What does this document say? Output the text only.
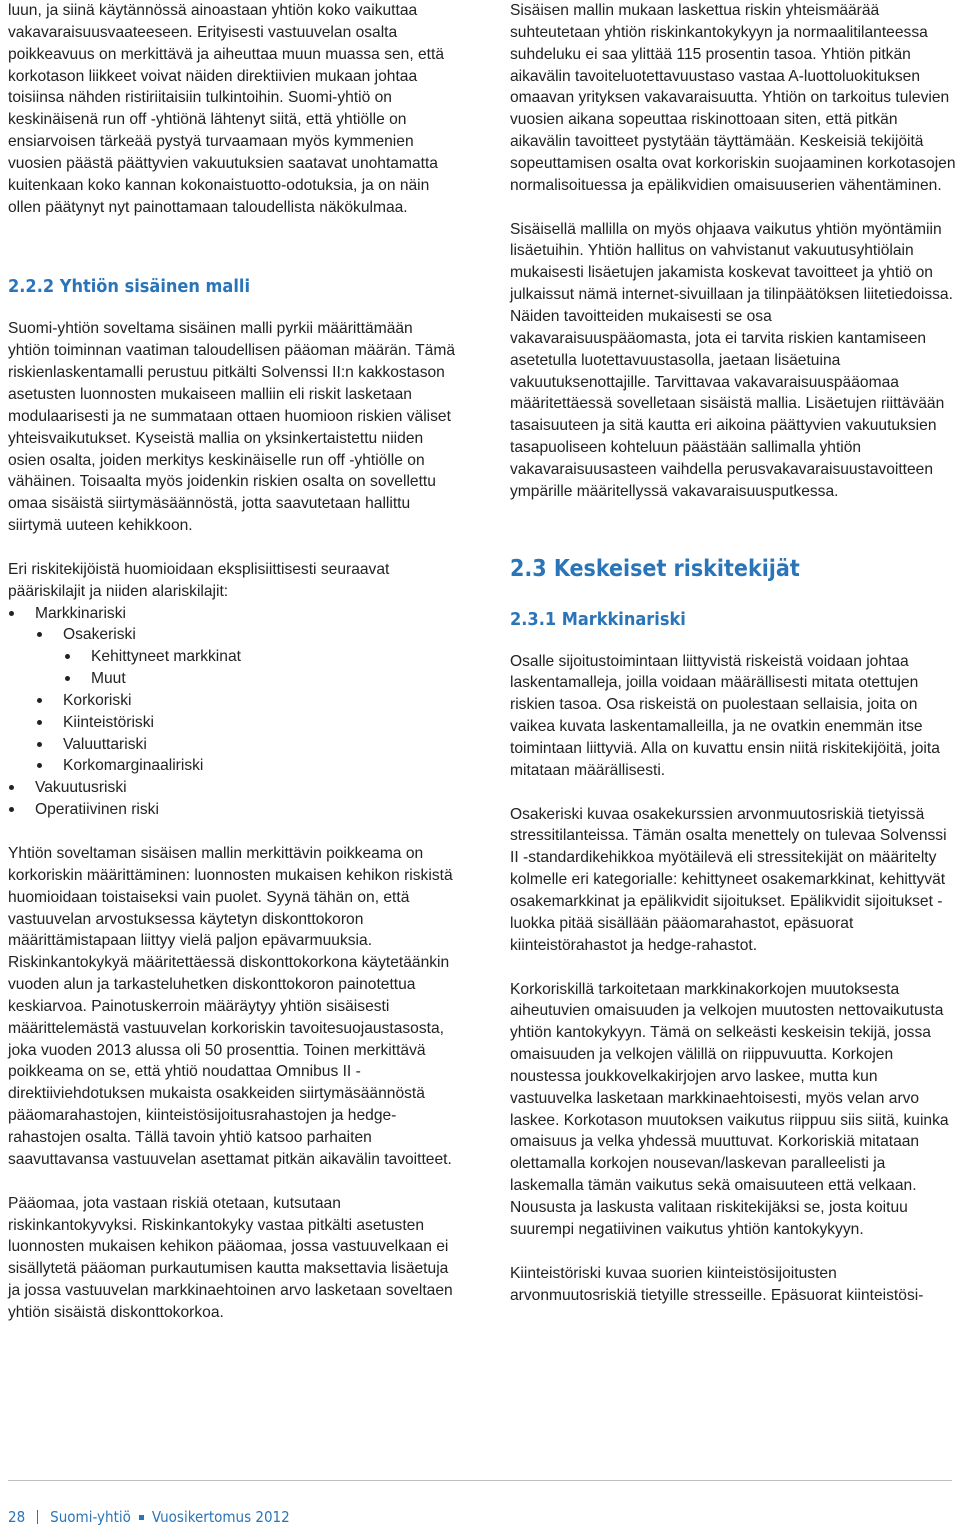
luun, ja siinä käytännössä ainoastaan yhtiön koko vaikuttaa vakavaraisuusvaateeseen. Erityisesti vastuuvelan osalta poikkeavuus on merkittävä ja aiheuttaa muun muassa sen, että korkotason liikkeet voivat näiden direktiivien mukaan johtaa toisiinsa nähden ristiriitaisiin tulkintoihin. Suomi-yhtiö on keskinäisenä run off -yhtiönä lähtenyt siitä, että yhtiölle on ensiarvoisen tärkeää pystyä turvaamaan myös kymmenien vuosien päästä päättyvien vakuutuksien saatavat unohtamatta kuitenkaan koko kannan kokonaistuotto-odotuksia, ja on näin ollen päätynyt nyt painottamaan taloudellista näkökulmaa.

2.2.2 Yhtiön sisäinen malli

Suomi-yhtiön soveltama sisäinen malli pyrkii määrittämään yhtiön toiminnan vaatiman taloudellisen pääoman määrän. Tämä riskienlaskentamalli perustuu pitkälti Solvenssi II:n kakkostason asetusten luonnosten mukaiseen malliin eli riskit lasketaan modulaarisesti ja ne summataan ottaen huomioon riskien väliset yhteisvaikutukset. Kyseistä mallia on yksinkertaistettu niiden osien osalta, joiden merkitys keskinäiselle run off -yhtiölle on vähäinen. Toisaalta myös joidenkin riskien osalta on sovellettu omaa sisäistä siirtymäsäännöstä, jotta saavutetaan hallittu siirtymä uuteen kehikkoon.

Eri riskitekijöistä huomioidaan eksplisiittisesti seuraavat pääriskilajit ja niiden alariskilajit:

Markkinariski
Osakeriski
Kehittyneet markkinat
Muut
Korkoriski
Kiinteistöriski
Valuuttariski
Korkomarginaaliriski
Vakuutusriski
Operatiivinen riski

Yhtiön soveltaman sisäisen mallin merkittävin poikkeama on korkoriskin määrittäminen: luonnosten mukaisen kehikon riskistä huomioidaan toistaiseksi vain puolet. Syynä tähän on, että vastuuvelan arvostuksessa käytetyn diskonttokoron määrittämistapaan liittyy vielä paljon epävarmuuksia. Riskinkantokykyä määritettäessä diskonttokorkona käytetäänkin vuoden alun ja tarkasteluhetken diskonttokoron painotettua keskiarvoa. Painotuskerroin määräytyy yhtiön sisäisesti määrittelemästä vastuuvelan korkoriskin tavoitesuojaustasosta, joka vuoden 2013 alussa oli 50 prosenttia. Toinen merkittävä poikkeama on se, että yhtiö noudattaa Omnibus II -direktiiviehdotuksen mukaista osakkeiden siirtymäsäännöstä pääomarahastojen, kiinteistösijoitusrahastojen ja hedge-rahastojen osalta. Tällä tavoin yhtiö katsoo parhaiten saavuttavansa vastuuvelan asettamat pitkän aikavälin tavoitteet.

Pääomaa, jota vastaan riskiä otetaan, kutsutaan riskinkantokyvyksi. Riskinkantokyky vastaa pitkälti asetusten luonnosten mukaisen kehikon pääomaa, jossa vastuuvelkaan ei sisällytetä pääoman purkautumisen kautta maksettavia lisäetuja ja jossa vastuuvelan markkinaehtoinen arvo lasketaan soveltaen yhtiön sisäistä diskonttokorkoa.

Sisäisen mallin mukaan laskettua riskin yhteismäärää suhteutetaan yhtiön riskinkantokykyyn ja normaalitilanteessa suhdeluku ei saa ylittää 115 prosentin tasoa. Yhtiön pitkän aikavälin tavoiteluotettavuustaso vastaa A-luottoluokituksen omaavan yrityksen vakavaraisuutta. Yhtiön on tarkoitus tulevien vuosien aikana sopeuttaa riskinottoaan siten, että pitkän aikavälin tavoitteet pystytään täyttämään. Keskeisiä tekijöitä sopeuttamisen osalta ovat korkoriskin suojaaminen korkotasojen normalisoituessa ja epälikvidien omaisuuserien vähentäminen.

Sisäisellä mallilla on myös ohjaava vaikutus yhtiön myöntämiin lisäetuihin. Yhtiön hallitus on vahvistanut vakuutusyhtiölain mukaisesti lisäetujen jakamista koskevat tavoitteet ja yhtiö on julkaissut nämä internet-sivuillaan ja tilinpäätöksen liitetiedoissa. Näiden tavoitteiden mukaisesti se osa vakavaraisuuspääomasta, jota ei tarvita riskien kantamiseen asetetulla luotettavuustasolla, jaetaan lisäetuina vakuutuksenottajille. Tarvittavaa vakavaraisuuspääomaa määritettäessä sovelletaan sisäistä mallia. Lisäetujen riittävään tasaisuuteen ja sitä kautta eri aikoina päättyvien vakuutuksien tasapuoliseen kohteluun päästään sallimalla yhtiön vakavaraisuusasteen vaihdella perusvakavaraisuustavoitteen ympärille määritellyssä vakavaraisuusputkessa.

2.3 Keskeiset riskitekijät
2.3.1 Markkinariski

Osalle sijoitustoimintaan liittyvistä riskeistä voidaan johtaa laskentamalleja, joilla voidaan määrällisesti mitata otettujen riskien tasoa. Osa riskeistä on puolestaan sellaisia, joita on vaikea kuvata laskentamalleilla, ja ne ovatkin enemmän itse toimintaan liittyviä. Alla on kuvattu ensin niitä riskitekijöitä, joita mitataan määrällisesti.

Osakeriski kuvaa osakekurssien arvonmuutosriskiä tietyissä stressitilanteissa. Tämän osalta menettely on tulevaa Solvenssi II -standardikehikkoa myötäilevä eli stressitekijät on määritelty kolmelle eri kategorialle: kehittyneet osakemarkkinat, kehittyvät osakemarkkinat ja epälikvidit sijoitukset. Epälikvidit sijoitukset -luokka pitää sisällään pääomarahastot, epäsuorat kiinteistörahastot ja hedge-rahastot.

Korkoriskillä tarkoitetaan markkinakorkojen muutoksesta aiheutuvien omaisuuden ja velkojen muutosten nettovaikutusta yhtiön kantokykyyn. Tämä on selkeästi keskeisin tekijä, jossa omaisuuden ja velkojen välillä on riippuvuutta. Korkojen noustessa joukkovelkakirjojen arvo laskee, mutta kun vastuuvelka lasketaan markkinaehtoisesti, myös velan arvo laskee. Korkotason muutoksen vaikutus riippuu siis siitä, kuinka omaisuus ja velka yhdessä muuttuvat. Korkoriskiä mitataan olettamalla korkojen nousevan/laskevan paralleelisti ja laskemalla tämän vaikutus sekä omaisuuteen että velkaan. Noususta ja laskusta valitaan riskitekijäksi se, josta koituu suurempi negatiivinen vaikutus yhtiön kantokykyyn.

Kiinteistöriski kuvaa suorien kiinteistösijoitusten arvonmuutosriskiä tietyille stresseille. Epäsuorat kiinteistösi-

28 Suomi-yhtiö Vuosikertomus 2012
